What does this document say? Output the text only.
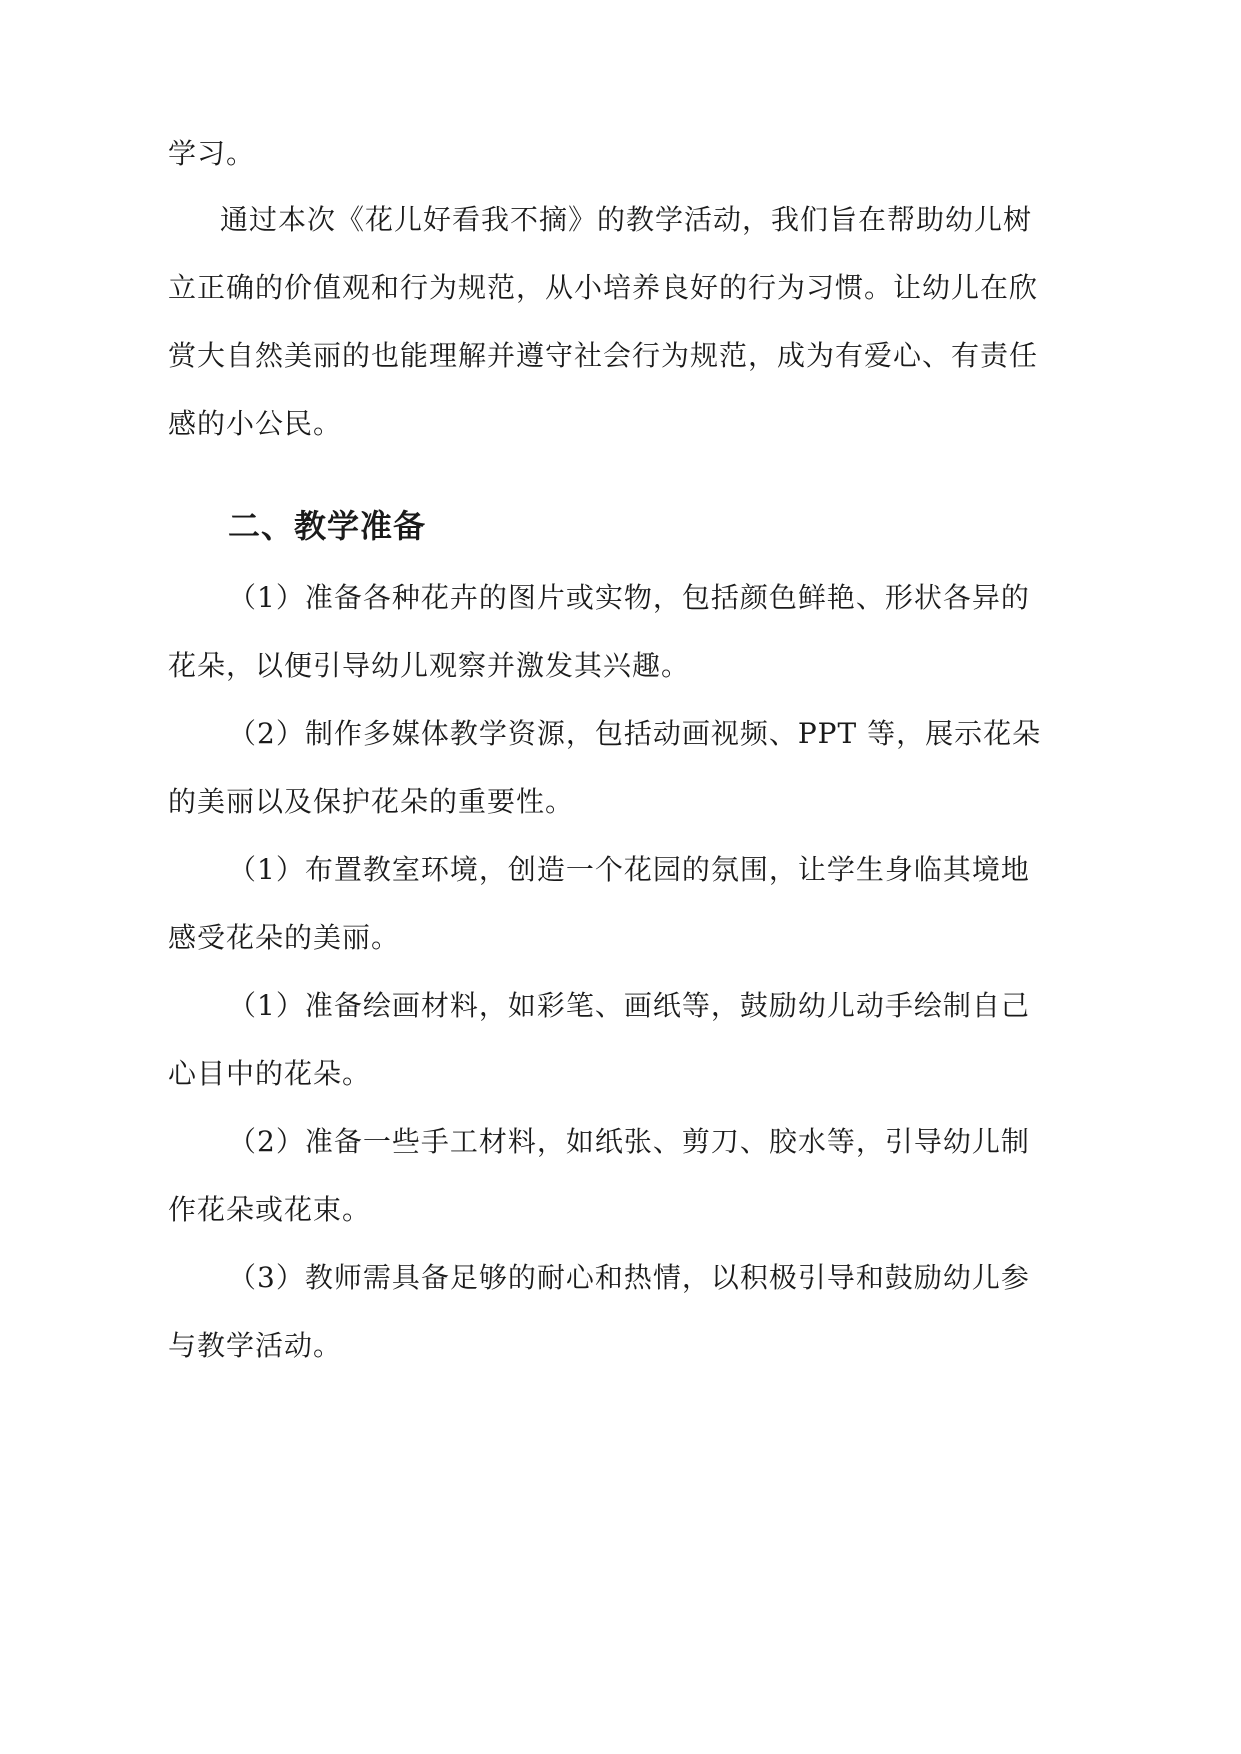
学习。
通过本次《花儿好看我不摘》的教学活动，我们旨在帮助幼儿树
立正确的价值观和行为规范，从小培养良好的行为习惯。让幼儿在欣
赏大自然美丽的也能理解并遵守社会行为规范，成为有爱心、有责任
感的小公民。
二、教学准备
（1）准备各种花卉的图片或实物，包括颜色鲜艳、形状各异的
花朵，以便引导幼儿观察并激发其兴趣。
（2）制作多媒体教学资源，包括动画视频、PPT 等，展示花朵
的美丽以及保护花朵的重要性。
（1）布置教室环境，创造一个花园的氛围，让学生身临其境地
感受花朵的美丽。
（1）准备绘画材料，如彩笔、画纸等，鼓励幼儿动手绘制自己
心目中的花朵。
（2）准备一些手工材料，如纸张、剪刀、胶水等，引导幼儿制
作花朵或花束。
（3）教师需具备足够的耐心和热情，以积极引导和鼓励幼儿参
与教学活动。
